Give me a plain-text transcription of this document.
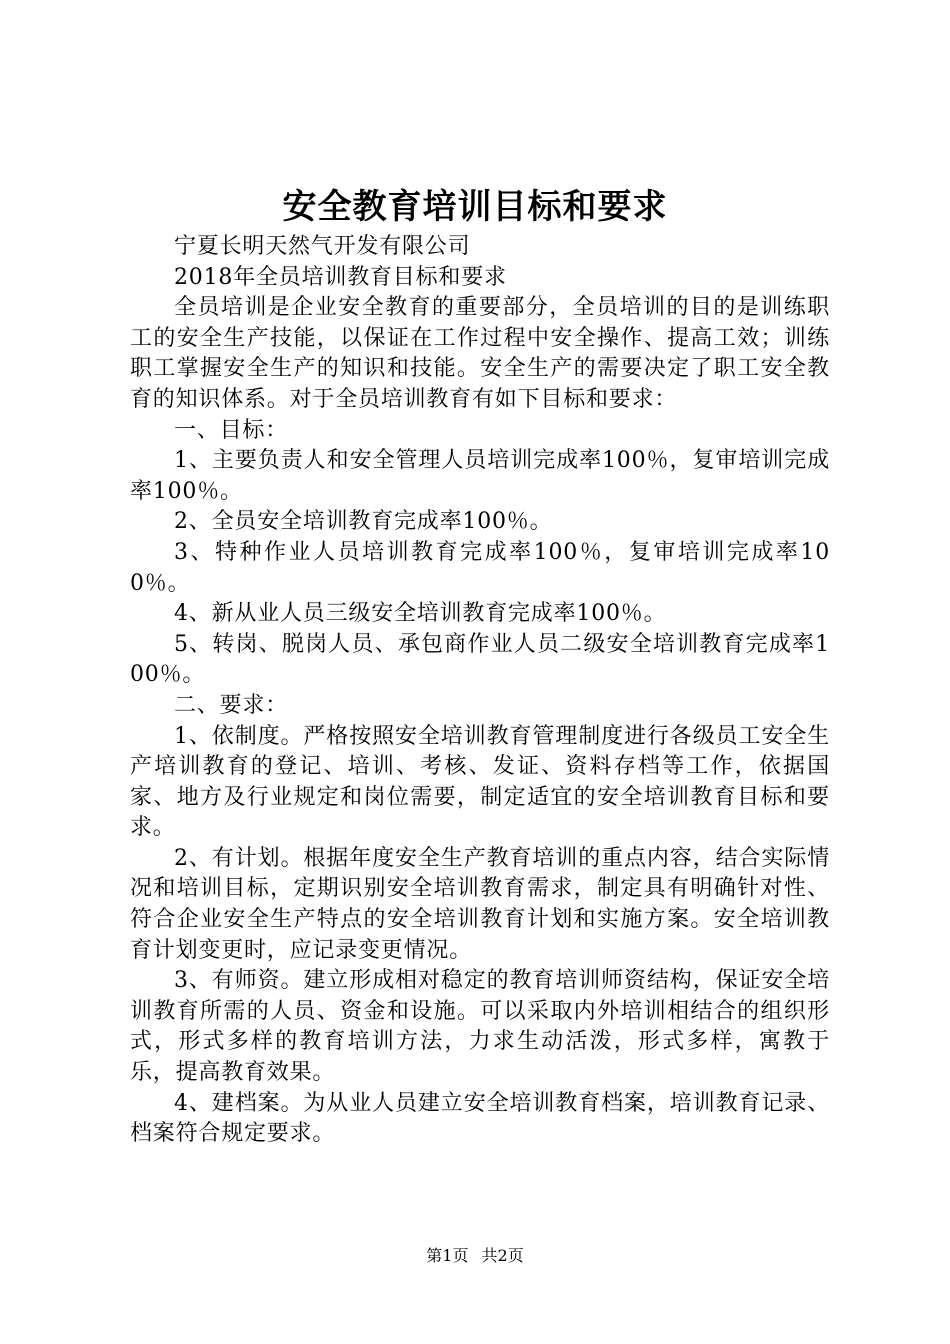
安全教育培训目标和要求

宁夏长明天然气开发有限公司

2018年全员培训教育目标和要求

全员培训是企业安全教育的重要部分，全员培训的目的是训练职工的安全生产技能，以保证在工作过程中安全操作、提高工效；训练职工掌握安全生产的知识和技能。安全生产的需要决定了职工安全教育的知识体系。对于全员培训教育有如下目标和要求：

一、目标：

1、主要负责人和安全管理人员培训完成率100％，复审培训完成率100％。

2、全员安全培训教育完成率100％。

3、特种作业人员培训教育完成率100％，复审培训完成率100％。

4、新从业人员三级安全培训教育完成率100％。

5、转岗、脱岗人员、承包商作业人员二级安全培训教育完成率100％。

二、要求：

1、依制度。严格按照安全培训教育管理制度进行各级员工安全生产培训教育的登记、培训、考核、发证、资料存档等工作，依据国家、地方及行业规定和岗位需要，制定适宜的安全培训教育目标和要求。

2、有计划。根据年度安全生产教育培训的重点内容，结合实际情况和培训目标，定期识别安全培训教育需求，制定具有明确针对性、符合企业安全生产特点的安全培训教育计划和实施方案。安全培训教育计划变更时，应记录变更情况。

3、有师资。建立形成相对稳定的教育培训师资结构，保证安全培训教育所需的人员、资金和设施。可以采取内外培训相结合的组织形式，形式多样的教育培训方法，力求生动活泼，形式多样，寓教于乐，提高教育效果。

4、建档案。为从业人员建立安全培训教育档案，培训教育记录、档案符合规定要求。

第1页 共2页
